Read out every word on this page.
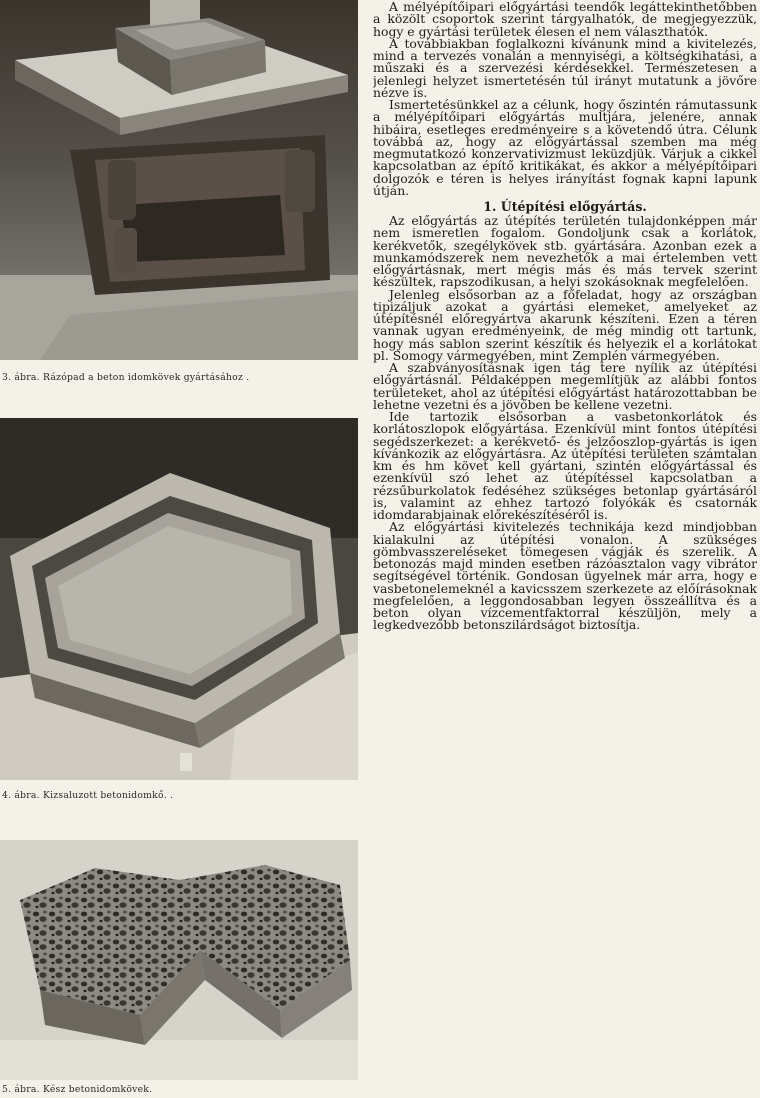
3. ábra. Rázópad a beton idomkövek gyártásához .
4. ábra. Kizsaluzott betonidomkő. .
5. ábra. Kész betonidomkövek.

A mélyépítőipari előgyártási teendők legáttekinthetőbben a közölt csoportok szerint tárgyalhatók, de megjegyezzük, hogy e gyártási területek élesen el nem választhatók.

A továbbiakban foglalkozni kívánunk mind a kivitelezés, mind a tervezés vonalán a mennyiségi, a költségkihatási, a műszaki és a szervezési kérdésekkel. Természetesen a jelenlegi helyzet ismertetésén túl irányt mutatunk a jövőre nézve is.

Ismertetésünkkel az a célunk, hogy őszintén rámutassunk a mélyépítőipari előgyártás multjára, jelenére, annak hibáira, esetleges eredményeire s a követendő útra. Célunk továbbá az, hogy az előgyártással szemben ma még megmutatkozó konzervativizmust leküzdjük. Várjuk a cikkel kapcsolatban az építő kritikákat, és akkor a mélyépítőipari dolgozók e téren is helyes irányítást fognak kapni lapunk útján.

1. Útépítési előgyártás.

Az előgyártás az útépítés területén tulajdonképpen már nem ismeretlen fogalom. Gondoljunk csak a korlátok, kerékvetők, szegélykövek stb. gyártására. Azonban ezek a munkamódszerek nem nevezhetők a mai értelemben vett előgyártásnak, mert mégis más és más tervek szerint készültek, rapszodikusan, a helyi szokásoknak megfelelően.

Jelenleg elsősorban az a főfeladat, hogy az országban tipizáljuk azokat a gyártási elemeket, amelyeket az útépítésnél előregyártva akarunk készíteni. Ezen a téren vannak ugyan eredményeink, de még mindig ott tartunk, hogy más sablon szerint készítik és helyezik el a korlátokat pl. Somogy vármegyében, mint Zemplén vármegyében.

A szabványosításnak igen tág tere nyílik az útépítési előgyártásnál. Példaképpen megemlítjük az alábbi fontos területeket, ahol az útépítési előgyártást határozottabban be lehetne vezetni és a jövőben be kellene vezetni.

Ide tartozik elsősorban a vasbetonkorlátok és korlátoszlopok előgyártása. Ezenkívül mint fontos útépítési segédszerkezet: a kerékvető- és jelzőoszlop-gyártás is igen kívánkozik az előgyártásra. Az útépítési területen számtalan km és hm követ kell gyártani, szintén előgyártással és ezenkívül szó lehet az útépítéssel kapcsolatban a rézsűburkolatok fedéséhez szükséges betonlap gyártásáról is, valamint az ehhez tartozó folyókák és csatornák idomdarabjainak előrekészítéséről is.

Az előgyártási kivitelezés technikája kezd mindjobban kialakulni az útépítési vonalon. A szükséges gömbvasszereléseket tömegesen vágják és szerelik. A betonozás majd minden esetben rázóasztalon vagy vibrátor segítségével történik. Gondosan ügyelnek már arra, hogy e vasbetonelemeknél a kavicsszem szerkezete az előírásoknak megfelelően, a leggondosabban legyen összeállítva és a beton olyan vízcementfaktorral készüljön, mely a legkedvezőbb betonszilárdságot biztosítja.
